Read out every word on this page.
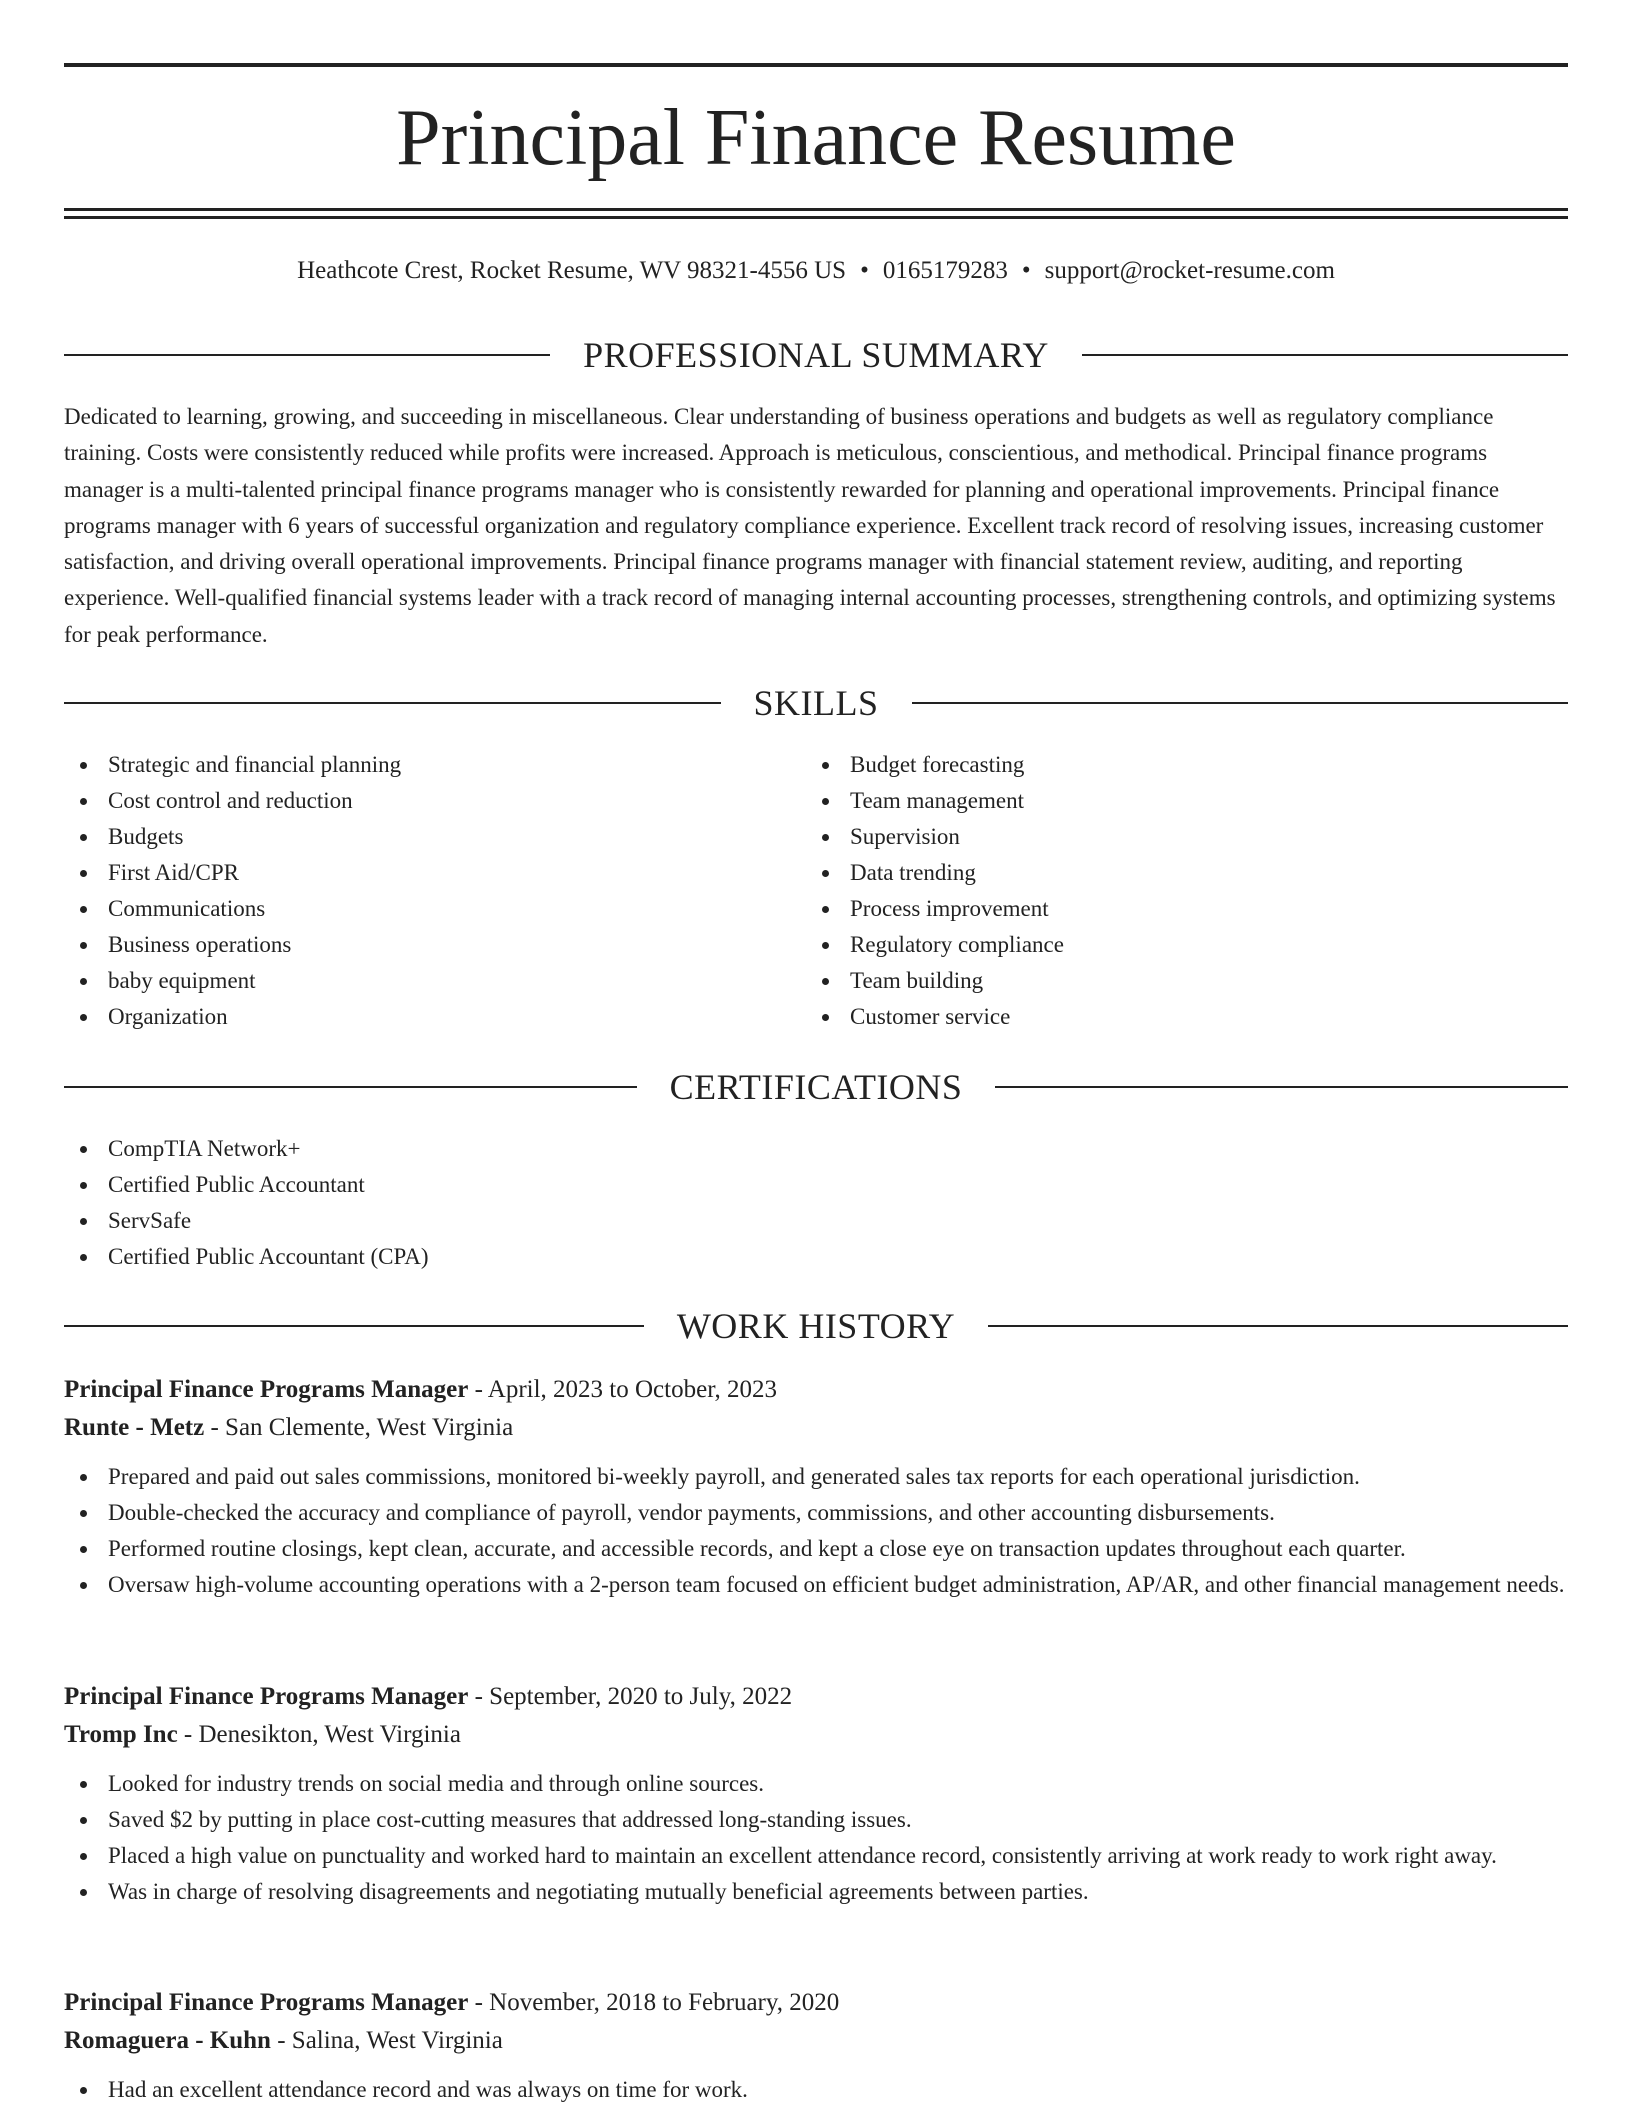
Principal Finance Resume
Heathcote Crest, Rocket Resume, WV 98321-4556 US • 0165179283 • support@rocket-resume.com
PROFESSIONAL SUMMARY

Dedicated to learning, growing, and succeeding in miscellaneous. Clear understanding of business operations and budgets as well as regulatory compliance training. Costs were consistently reduced while profits were increased. Approach is meticulous, conscientious, and methodical. Principal finance programs manager is a multi-talented principal finance programs manager who is consistently rewarded for planning and operational improvements. Principal finance programs manager with 6 years of successful organization and regulatory compliance experience. Excellent track record of resolving issues, increasing customer satisfaction, and driving overall operational improvements. Principal finance programs manager with financial statement review, auditing, and reporting experience. Well-qualified financial systems leader with a track record of managing internal accounting processes, strengthening controls, and optimizing systems for peak performance.

SKILLS
Strategic and financial planning
Cost control and reduction
Budgets
First Aid/CPR
Communications
Business operations
baby equipment
Organization
Budget forecasting
Team management
Supervision
Data trending
Process improvement
Regulatory compliance
Team building
Customer service
CERTIFICATIONS
CompTIA Network+
Certified Public Accountant
ServSafe
Certified Public Accountant (CPA)
WORK HISTORY
Principal Finance Programs Manager - April, 2023 to October, 2023
Runte - Metz - San Clemente, West Virginia
Prepared and paid out sales commissions, monitored bi-weekly payroll, and generated sales tax reports for each operational jurisdiction.
Double-checked the accuracy and compliance of payroll, vendor payments, commissions, and other accounting disbursements.
Performed routine closings, kept clean, accurate, and accessible records, and kept a close eye on transaction updates throughout each quarter.
Oversaw high-volume accounting operations with a 2-person team focused on efficient budget administration, AP/AR, and other financial management needs.
Principal Finance Programs Manager - September, 2020 to July, 2022
Tromp Inc - Denesikton, West Virginia
Looked for industry trends on social media and through online sources.
Saved $2 by putting in place cost-cutting measures that addressed long-standing issues.
Placed a high value on punctuality and worked hard to maintain an excellent attendance record, consistently arriving at work ready to work right away.
Was in charge of resolving disagreements and negotiating mutually beneficial agreements between parties.
Principal Finance Programs Manager - November, 2018 to February, 2020
Romaguera - Kuhn - Salina, West Virginia
Had an excellent attendance record and was always on time for work.
